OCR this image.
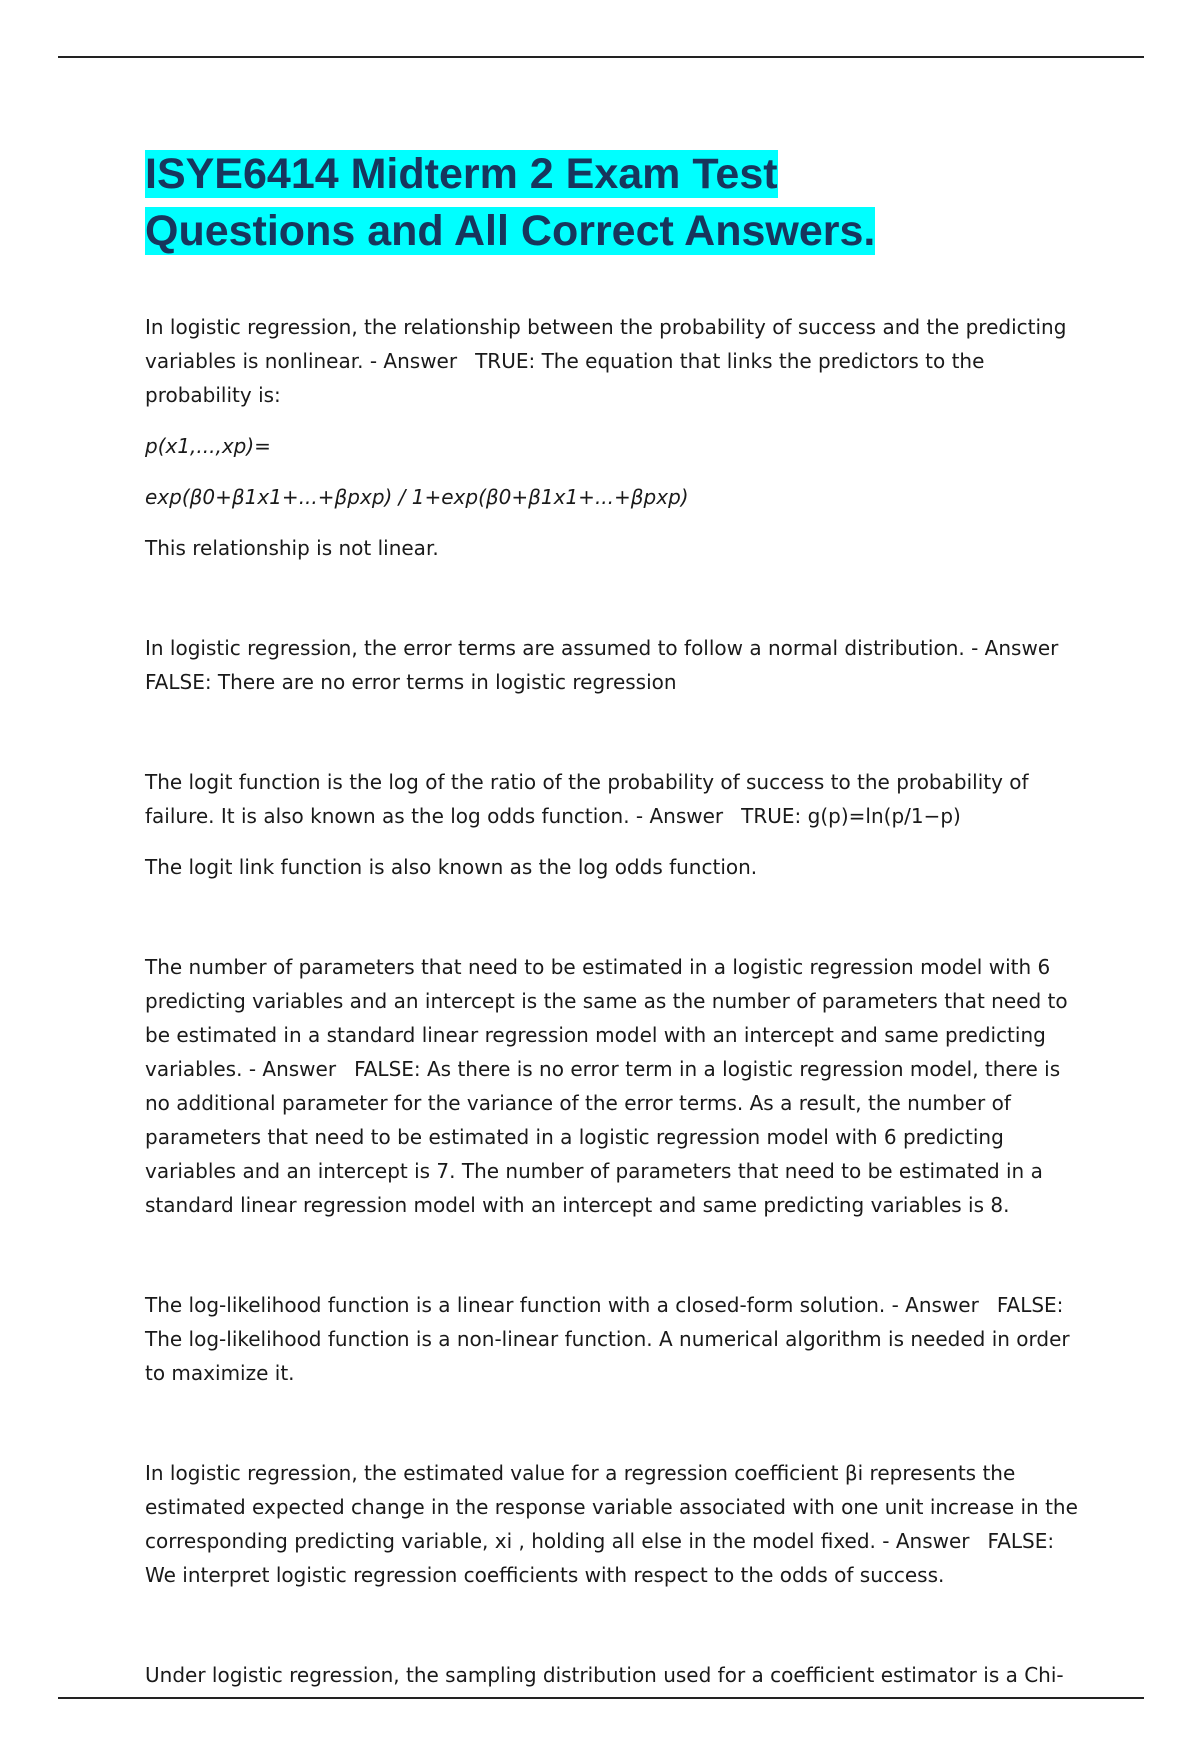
ISYE6414 Midterm 2 Exam Test
Questions and All Correct Answers.

In logistic regression, the relationship between the probability of success and the predicting variables is nonlinear. - Answer TRUE: The equation that links the predictors to the probability is:

p(x1,...,xp)=

exp(β0+β1x1+...+βpxp) / 1+exp(β0+β1x1+...+βpxp)

This relationship is not linear.

In logistic regression, the error terms are assumed to follow a normal distribution. - AnswerFALSE: There are no error terms in logistic regression

The logit function is the log of the ratio of the probability of success to the probability of failure. It is also known as the log odds function. - Answer TRUE: g(p)=ln(p/1−p)

The logit link function is also known as the log odds function.

The number of parameters that need to be estimated in a logistic regression model with 6 predicting variables and an intercept is the same as the number of parameters that need to be estimated in a standard linear regression model with an intercept and same predicting variables. - Answer FALSE: As there is no error term in a logistic regression model, there is no additional parameter for the variance of the error terms. As a result, the number of parameters that need to be estimated in a logistic regression model with 6 predicting variables and an intercept is 7. The number of parameters that need to be estimated in a standard linear regression model with an intercept and same predicting variables is 8.

The log-likelihood function is a linear function with a closed-form solution. - Answer FALSE: The log-likelihood function is a non-linear function. A numerical algorithm is needed in order to maximize it.

In logistic regression, the estimated value for a regression coefficient βi represents the estimated expected change in the response variable associated with one unit increase in the corresponding predicting variable, xi , holding all else in the model fixed. - Answer FALSE: We interpret logistic regression coefficients with respect to the odds of success.

Under logistic regression, the sampling distribution used for a coefficient estimator is a Chi-
